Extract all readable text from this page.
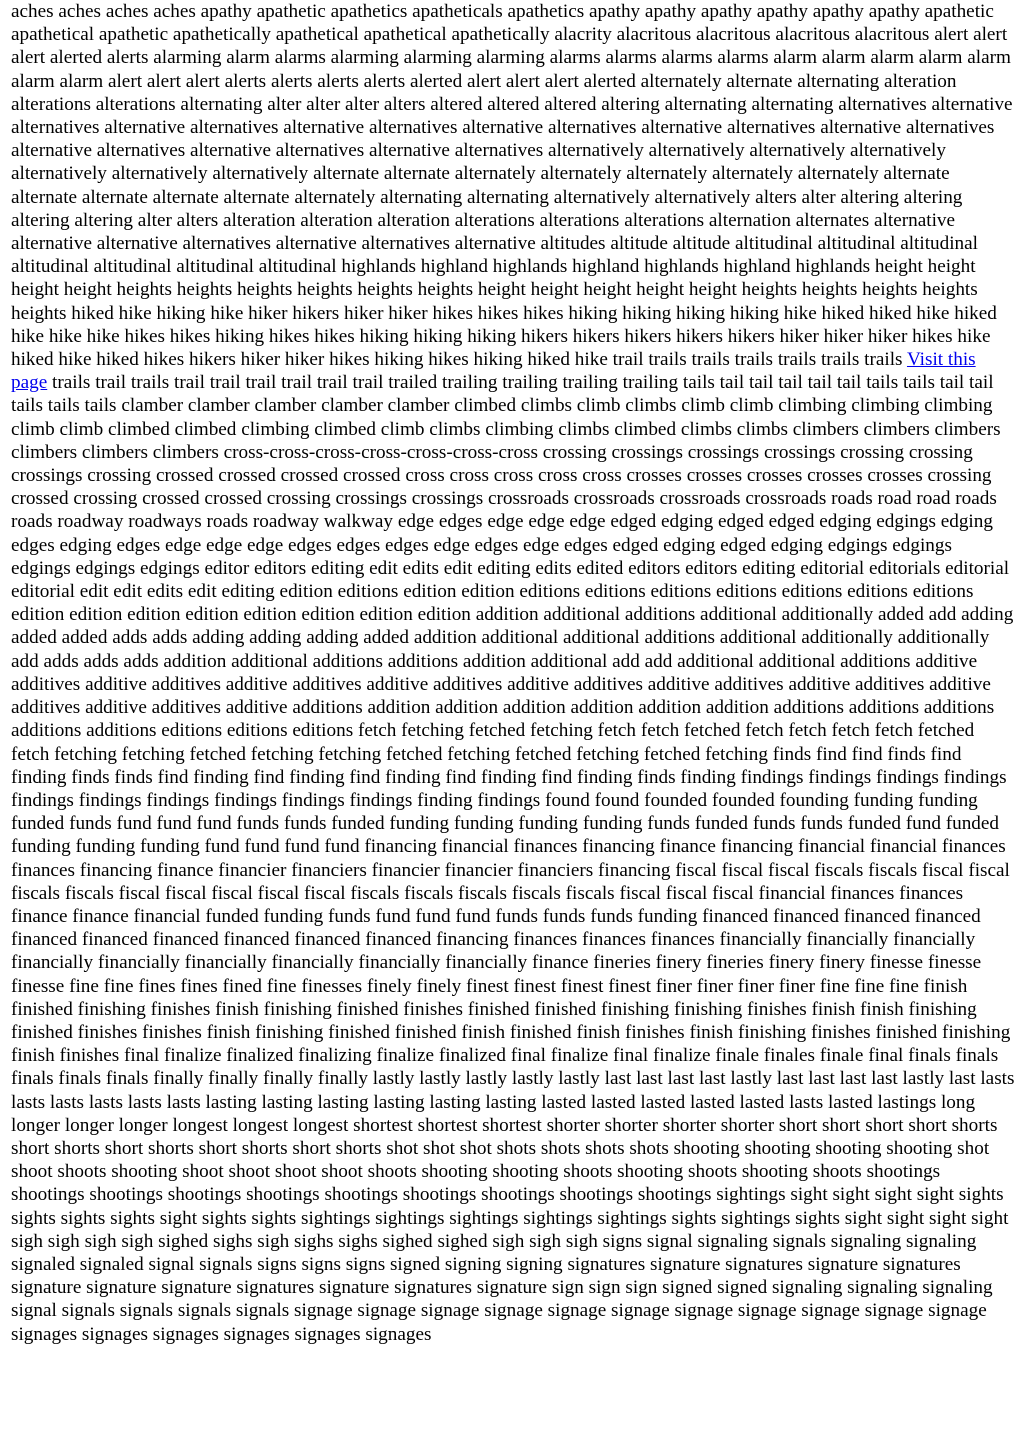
aches aches aches aches apathy apathetic apathetics apatheticals apathetics apathy apathy apathy apathy apathy apathy apathetic apathetical apathetic apathetically apathetical apathetical apathetically alacrity alacritous alacritous alacritous alacritous alert alert alert alerted alerts alarming alarm alarms alarming alarming alarming alarms alarms alarms alarms alarm alarm alarm alarm alarm alarm alarm alert alert alert alerts alerts alerts alerts alerted alert alert alert alerted alternately alternate alternating alteration alterations alterations alternating alter alter alter alters altered altered altered altering alternating alternating alternatives alternative alternatives alternative alternatives alternative alternatives alternative alternatives alternative alternatives alternative alternatives alternative alternatives alternative alternatives alternative alternatives alternatively alternatively alternatively alternatively alternatively alternatively alternatively alternate alternate alternately alternately alternately alternately alternately alternate alternate alternate alternate alternate alternately alternating alternating alternatively alternatively alters alter altering altering altering altering alter alters alteration alteration alteration alterations alterations alterations alternation alternates alternative alternative alternative alternatives alternative alternatives alternative altitudes altitude altitude altitudinal altitudinal altitudinal altitudinal altitudinal altitudinal altitudinal highlands highland highlands highland highlands highland highlands height height height height heights heights heights heights heights heights height height height height height heights heights heights heights heights hiked hike hiking hike hiker hikers hiker hiker hikes hikes hikes hiking hiking hiking hiking hike hiked hiked hike hiked hike hike hike hikes hikes hiking hikes hikes hiking hiking hiking hikers hikers hikers hikers hikers hiker hiker hiker hikes hike hiked hike hiked hikes hikers hiker hiker hikes hiking hikes hiking hiked hike trail trails trails trails trails trails trails Visit this page trails trail trails trail trail trail trail trail trail trailed trailing trailing trailing trailing tails tail tail tail tail tail tails tails tail tail tails tails tails clamber clamber clamber clamber clamber climbed climbs climb climbs climb climb climbing climbing climbing climb climb climbed climbed climbing climbed climb climbs climbing climbs climbed climbs climbs climbers climbers climbers climbers climbers climbers cross-cross-cross-cross-cross-cross-cross crossing crossings crossings crossings crossing crossing crossings crossing crossed crossed crossed crossed cross cross cross cross cross crosses crosses crosses crosses crosses crossing crossed crossing crossed crossed crossing crossings crossings crossroads crossroads crossroads crossroads roads road road roads roads roadway roadways roads roadway walkway edge edges edge edge edge edged edging edged edged edging edgings edging edges edging edges edge edge edge edges edges edges edge edges edge edges edged edging edged edging edgings edgings edgings edgings edgings editor editors editing edit edits edit editing edits edited editors editors editing editorial editorials editorial editorial edit edit edits edit editing edition editions edition edition editions editions editions editions editions editions editions edition edition edition edition edition edition edition edition addition additional additions additional additionally added add adding added added adds adds adding adding adding added addition additional additional additions additional additionally additionally add adds adds adds addition additional additions additions addition additional add add additional additional additions additive additives additive additives additive additives additive additives additive additives additive additives additive additives additive additives additive additives additive additions addition addition addition addition addition addition additions additions additions additions additions editions editions editions fetch fetching fetched fetching fetch fetch fetched fetch fetch fetch fetch fetched fetch fetching fetching fetched fetching fetching fetched fetching fetched fetching fetched fetching finds find find finds find finding finds finds find finding find finding find finding find finding find finding finds finding findings findings findings findings findings findings findings findings findings findings finding findings found found founded founded founding funding funding funded funds fund fund fund funds funds funded funding funding funding funding funds funded funds funds funded fund funded funding funding funding fund fund fund fund financing financial finances financing finance financing financial financial finances finances financing finance financier financiers financier financier financiers financing fiscal fiscal fiscal fiscals fiscals fiscal fiscal fiscals fiscals fiscal fiscal fiscal fiscal fiscal fiscals fiscals fiscals fiscals fiscals fiscal fiscal fiscal financial finances finances finance finance financial funded funding funds fund fund fund funds funds funds funding financed financed financed financed financed financed financed financed financed financed financing finances finances finances financially financially financially financially financially financially financially financially financially finance fineries finery fineries finery finery finesse finesse finesse fine fine fines fines fined fine finesses finely finely finest finest finest finest finer finer finer finer fine fine fine finish finished finishing finishes finish finishing finished finishes finished finished finishing finishing finishes finish finish finishing finished finishes finishes finish finishing finished finished finish finished finish finishes finish finishing finishes finished finishing finish finishes final finalize finalized finalizing finalize finalized final finalize final finalize finale finales finale final finals finals finals finals finals finally finally finally finally lastly lastly lastly lastly lastly last last last last lastly last last last last lastly last lasts lasts lasts lasts lasts lasts lasting lasting lasting lasting lasting lasting lasted lasted lasted lasted lasted lasts lasted lastings long longer longer longer longest longest longest shortest shortest shortest shorter shorter shorter shorter short short short short shorts short shorts short shorts short shorts short shorts shot shot shot shots shots shots shots shooting shooting shooting shooting shot shoot shoots shooting shoot shoot shoot shoot shoots shooting shooting shoots shooting shoots shooting shoots shootings shootings shootings shootings shootings shootings shootings shootings shootings shootings sightings sight sight sight sight sights sights sights sights sight sights sights sightings sightings sightings sightings sightings sights sightings sights sight sight sight sight sigh sigh sigh sigh sighed sighs sigh sighs sighs sighed sighed sigh sigh sigh signs signal signaling signals signaling signaling signaled signaled signal signals signs signs signs signed signing signing signatures signature signatures signature signatures signature signature signature signatures signature signatures signature sign sign sign signed signed signaling signaling signaling signal signals signals signals signals signage signage signage signage signage signage signage signage signage signage signage signages signages signages signages signages signages
